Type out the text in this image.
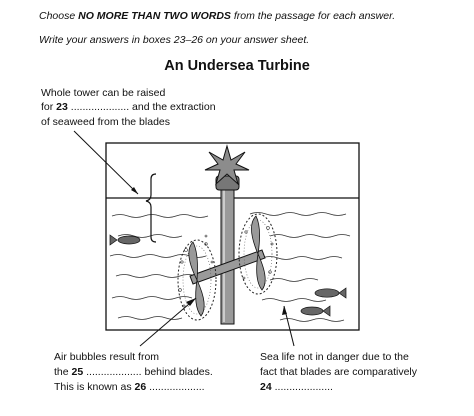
Choose NO MORE THAN TWO WORDS from the passage for each answer.
Write your answers in boxes 23–26 on your answer sheet.
An Undersea Turbine
Whole tower can be raised
for 23 .................... and the extraction
of seaweed from the blades
Air bubbles result from
the 25 ................... behind blades.
This is known as 26 ...................
Sea life not in danger due to the
fact that blades are comparatively
24 ....................
